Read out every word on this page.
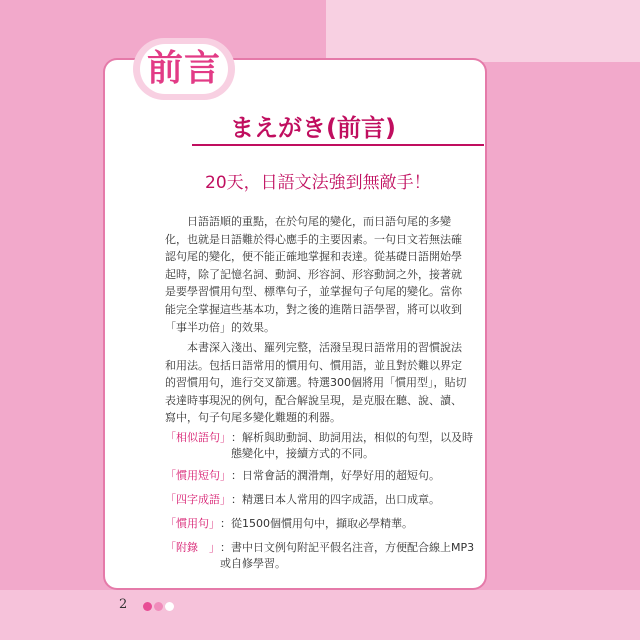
前言
まえがき(前言)
20天，日語文法強到無敵手！

日語語順的重點，在於句尾的變化，而日語句尾的多變化，也就是日語難於得心應手的主要因素。一句日文若無法確認句尾的變化，便不能正確地掌握和表達。從基礎日語開始學起時，除了記憶名詞、動詞、形容詞、形容動詞之外，接著就是要學習慣用句型、標準句子，並掌握句子句尾的變化。當你能完全掌握這些基本功，對之後的進階日語學習，將可以收到「事半功倍」的效果。

本書深入淺出、羅列完整，活潑呈現日語常用的習慣說法和用法。包括日語常用的慣用句、慣用語，並且對於難以界定的習慣用句，進行交叉篩選。特選300個將用「慣用型」，貼切表達時事現況的例句，配合解說呈現，是克服在聽、說、讀、寫中，句子句尾多變化難題的利器。

「相似語句」 ：解析與助動詞、助詞用法，相似的句型，以及時態變化中，接續方式的不同。
「慣用短句」 ：日常會話的潤滑劑，好學好用的超短句。
「四字成語」 ：精選日本人常用的四字成語，出口成章。
「慣用句」 ：從1500個慣用句中，擷取必學精華。
「附錄　」 ：書中日文例句附記平假名注音，方便配合線上MP3或自修學習。
2
